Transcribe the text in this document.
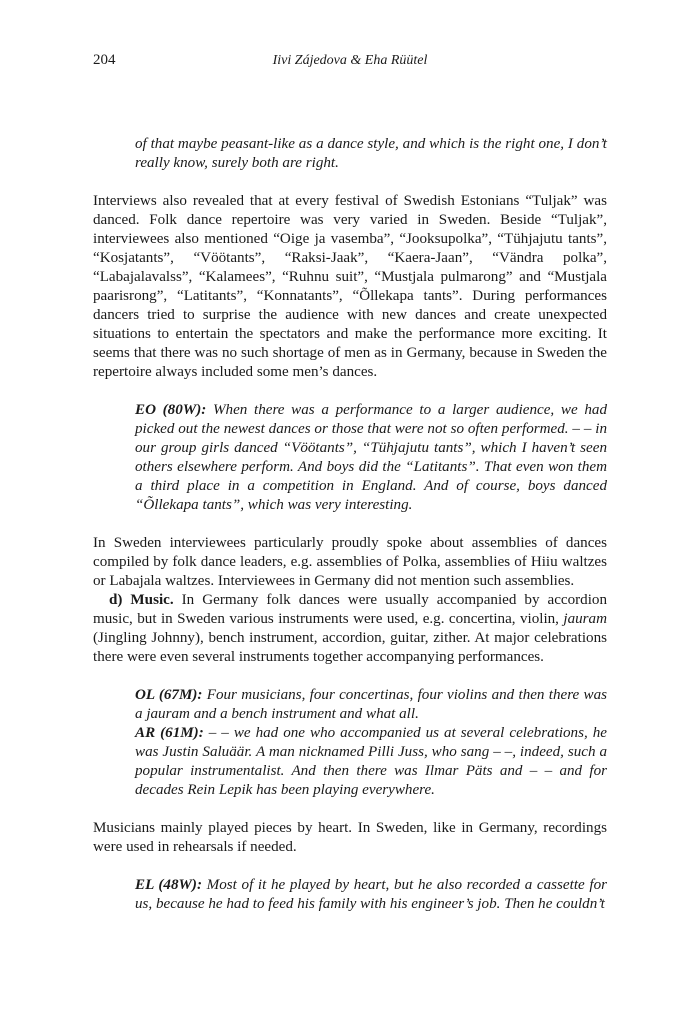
204	Iivi Zájedova & Eha Rüütel

of that maybe peasant-like as a dance style, and which is the right one, I don’t really know, surely both are right.

Interviews also revealed that at every festival of Swedish Estonians “Tuljak” was danced. Folk dance repertoire was very varied in Sweden. Beside “Tuljak”, interviewees also mentioned “Oige ja vasemba”, “Jooksupolka”, “Tühjajutu tants”, “Kosjatants”, “Vöötants”, “Raksi-Jaak”, “Kaera-Jaan”, “Vändra polka”, “Labajalavalss”, “Kalamees”, “Ruhnu suit”, “Mustjala pulmarong” and “Mustjala paarisrong”, “Latitants”, “Konnatants”, “Õllekapa tants”. During performances dancers tried to surprise the audience with new dances and create unexpected situations to entertain the spectators and make the performance more exciting. It seems that there was no such shortage of men as in Germany, because in Sweden the repertoire always included some men’s dances.

EO (80W): When there was a performance to a larger audience, we had picked out the newest dances or those that were not so often performed. – – in our group girls danced “Vöötants”, “Tühjajutu tants”, which I haven’t seen others elsewhere perform. And boys did the “Latitants”. That even won them a third place in a competition in England. And of course, boys danced “Õllekapa tants”, which was very interesting.

In Sweden interviewees particularly proudly spoke about assemblies of dances compiled by folk dance leaders, e.g. assemblies of Polka, assemblies of Hiiu waltzes or Labajala waltzes. Interviewees in Germany did not mention such assemblies.

d) Music. In Germany folk dances were usually accompanied by accordion music, but in Sweden various instruments were used, e.g. concertina, violin, jauram (Jingling Johnny), bench instrument, accordion, guitar, zither. At major celebrations there were even several instruments together accompanying performances.

OL (67M): Four musicians, four concertinas, four violins and then there was a jauram and a bench instrument and what all.

AR (61M): – – we had one who accompanied us at several celebrations, he was Justin Saluäär. A man nicknamed Pilli Juss, who sang – –, indeed, such a popular instrumentalist. And then there was Ilmar Päts and – – and for decades Rein Lepik has been playing everywhere.

Musicians mainly played pieces by heart. In Sweden, like in Germany, recordings were used in rehearsals if needed.

EL (48W): Most of it he played by heart, but he also recorded a cassette for us, because he had to feed his family with his engineer’s job. Then he couldn’t
